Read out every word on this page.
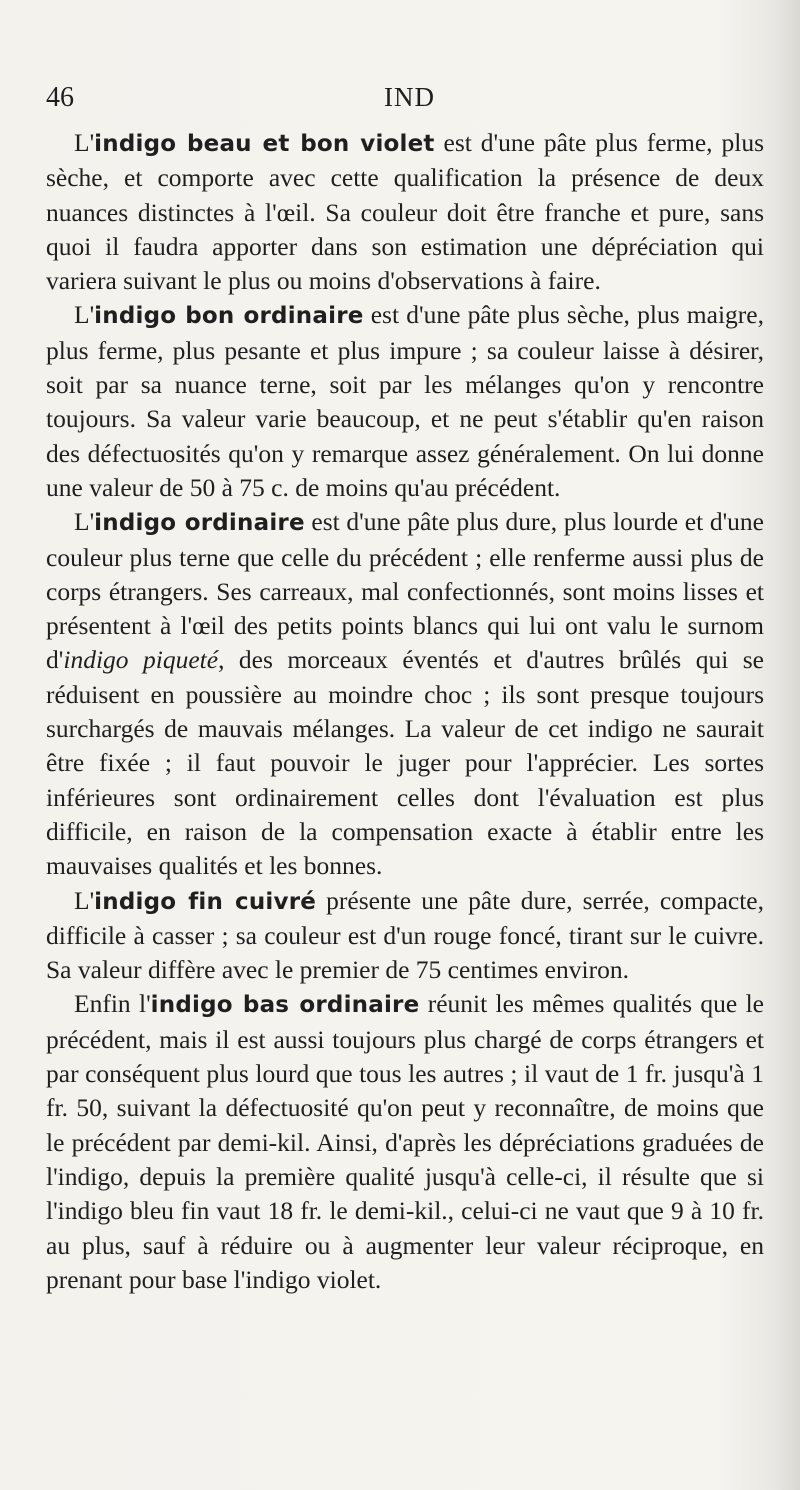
46	IND

L'indigo beau et bon violet est d'une pâte plus ferme, plus sèche, et comporte avec cette qualification la présence de deux nuances distinctes à l'œil. Sa couleur doit être franche et pure, sans quoi il faudra apporter dans son estimation une dépréciation qui variera suivant le plus ou moins d'observations à faire.

L'indigo bon ordinaire est d'une pâte plus sèche, plus maigre, plus ferme, plus pesante et plus impure ; sa couleur laisse à désirer, soit par sa nuance terne, soit par les mélanges qu'on y rencontre toujours. Sa valeur varie beaucoup, et ne peut s'établir qu'en raison des défectuosités qu'on y remarque assez généralement. On lui donne une valeur de 50 à 75 c. de moins qu'au précédent.

L'indigo ordinaire est d'une pâte plus dure, plus lourde et d'une couleur plus terne que celle du précédent ; elle renferme aussi plus de corps étrangers. Ses carreaux, mal confectionnés, sont moins lisses et présentent à l'œil des petits points blancs qui lui ont valu le surnom d'indigo piqueté, des morceaux éventés et d'autres brûlés qui se réduisent en poussière au moindre choc ; ils sont presque toujours surchargés de mauvais mélanges. La valeur de cet indigo ne saurait être fixée ; il faut pouvoir le juger pour l'apprécier. Les sortes inférieures sont ordinairement celles dont l'évaluation est plus difficile, en raison de la compensation exacte à établir entre les mauvaises qualités et les bonnes.

L'indigo fin cuivré présente une pâte dure, serrée, compacte, difficile à casser ; sa couleur est d'un rouge foncé, tirant sur le cuivre. Sa valeur diffère avec le premier de 75 centimes environ.

Enfin l'indigo bas ordinaire réunit les mêmes qualités que le précédent, mais il est aussi toujours plus chargé de corps étrangers et par conséquent plus lourd que tous les autres ; il vaut de 1 fr. jusqu'à 1 fr. 50, suivant la défectuosité qu'on peut y reconnaître, de moins que le précédent par demi-kil. Ainsi, d'après les dépréciations graduées de l'indigo, depuis la première qualité jusqu'à celle-ci, il résulte que si l'indigo bleu fin vaut 18 fr. le demi-kil., celui-ci ne vaut que 9 à 10 fr. au plus, sauf à réduire ou à augmenter leur valeur réciproque, en prenant pour base l'indigo violet.
